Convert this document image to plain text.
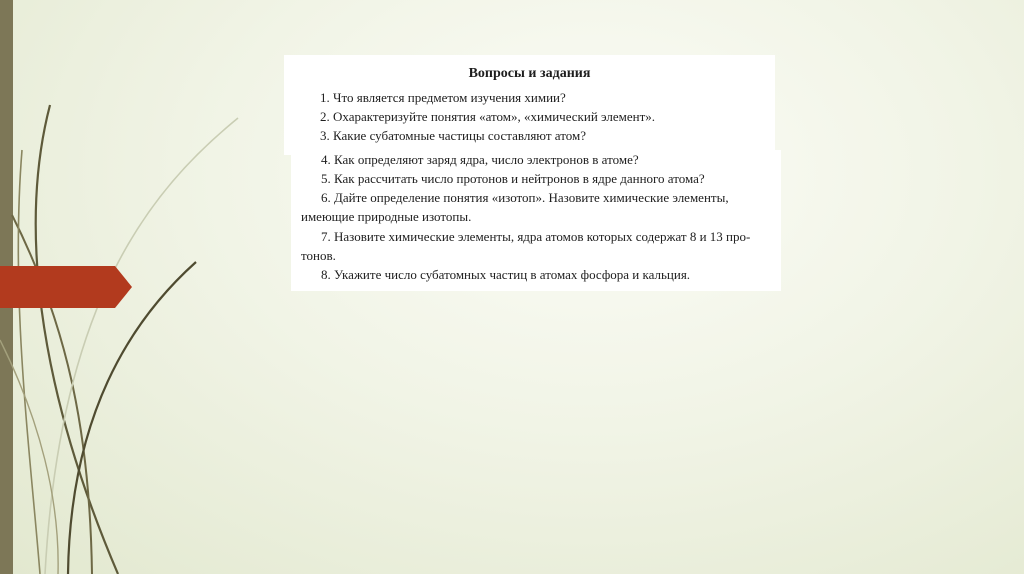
Вопросы и задания
1. Что является предметом изучения химии?
2. Охарактеризуйте понятия «атом», «химический элемент».
3. Какие субатомные частицы составляют атом?
4. Как определяют заряд ядра, число электронов в атоме?
5. Как рассчитать число протонов и нейтронов в ядре данного атома?
6. Дайте определение понятия «изотоп». Назовите химические элементы,
имеющие природные изотопы.
7. Назовите химические элементы, ядра атомов которых содержат 8 и 13 про-
тонов.
8. Укажите число субатомных частиц в атомах фосфора и кальция.
